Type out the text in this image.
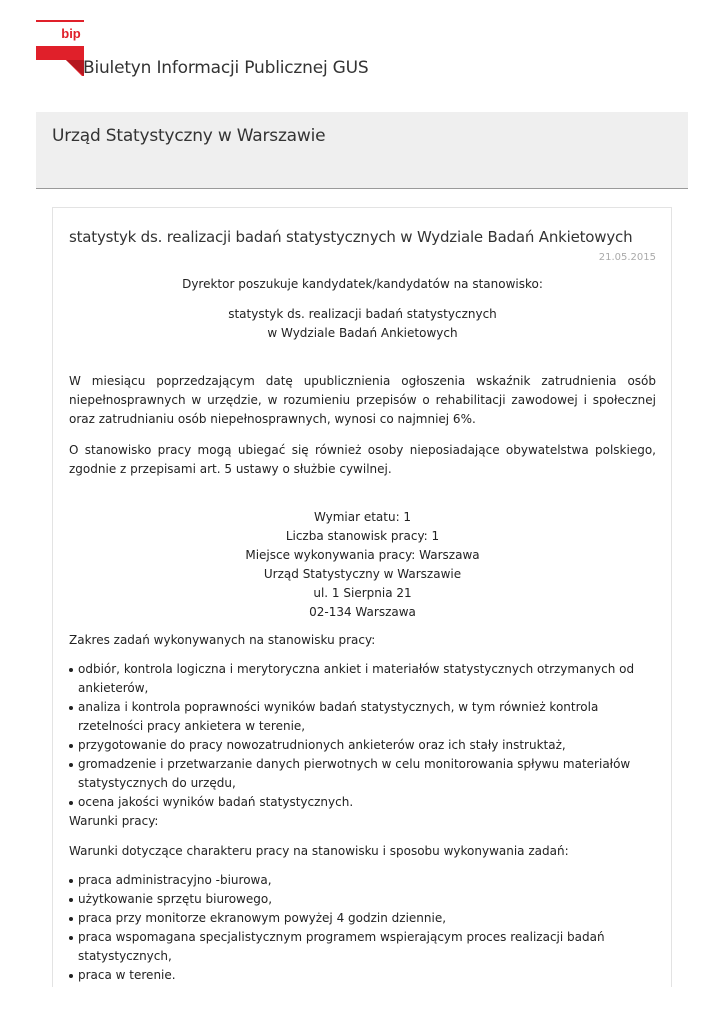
bip
Biuletyn Informacji Publicznej GUS
Urząd Statystyczny w Warszawie
statystyk ds. realizacji badań statystycznych w Wydziale Badań Ankietowych
21.05.2015

Dyrektor poszukuje kandydatek/kandydatów na stanowisko:

statystyk ds. realizacji badań statystycznych

w Wydziale Badań Ankietowych

W miesiącu poprzedzającym datę upublicznienia ogłoszenia wskaźnik zatrudnienia osób niepełnosprawnych w urzędzie, w rozumieniu przepisów o rehabilitacji zawodowej i społecznej oraz zatrudnianiu osób niepełnosprawnych, wynosi co najmniej 6%.

O stanowisko pracy mogą ubiegać się również osoby nieposiadające obywatelstwa polskiego, zgodnie z przepisami art. 5 ustawy o służbie cywilnej.

Wymiar etatu: 1

Liczba stanowisk pracy: 1

Miejsce wykonywania pracy: Warszawa

Urząd Statystyczny w Warszawie

ul. 1 Sierpnia 21

02-134 Warszawa

Zakres zadań wykonywanych na stanowisku pracy:

odbiór, kontrola logiczna i merytoryczna ankiet i materiałów statystycznych otrzymanych od ankieterów,
analiza i kontrola poprawności wyników badań statystycznych, w tym również kontrola rzetelności pracy ankietera w terenie,
przygotowanie do pracy nowozatrudnionych ankieterów oraz ich stały instruktaż,
gromadzenie i przetwarzanie danych pierwotnych w celu monitorowania spływu materiałów statystycznych do urzędu,
ocena jakości wyników badań statystycznych.

Warunki pracy:

Warunki dotyczące charakteru pracy na stanowisku i sposobu wykonywania zadań:

praca administracyjno -biurowa,
użytkowanie sprzętu biurowego,
praca przy monitorze ekranowym powyżej 4 godzin dziennie,
praca wspomagana specjalistycznym programem wspierającym proces realizacji badań statystycznych,
praca w terenie.
